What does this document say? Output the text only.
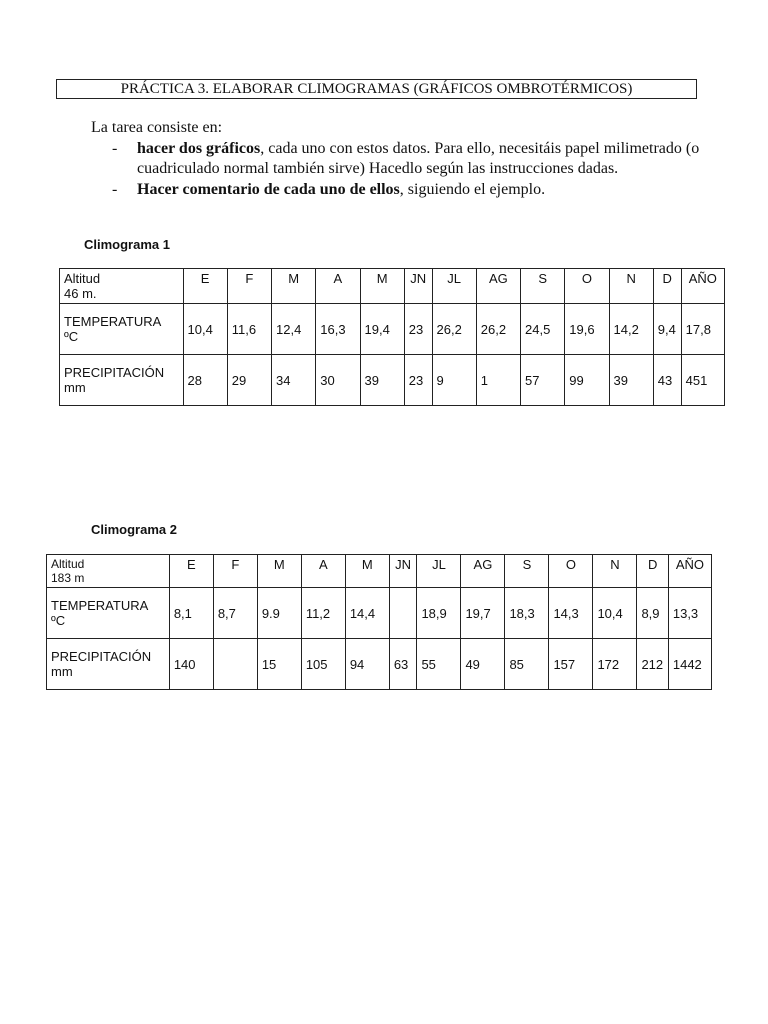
PRÁCTICA 3. ELABORAR CLIMOGRAMAS (GRÁFICOS OMBROTÉRMICOS)
La tarea consiste en:
- hacer dos gráficos, cada uno con estos datos. Para ello, necesitáis papel milimetrado (o cuadriculado normal también sirve) Hacedlo según las instrucciones dadas.
- Hacer comentario de cada uno de ellos, siguiendo el ejemplo.
Climograma 1
Altitud
46 m.	E	F	M	A	M	JN	JL	AG	S	O	N	D	AÑO

TEMPERATURA
ºC	10,4	11,6	12,4	16,3	19,4	23	26,2	26,2	24,5	19,6	14,2	9,4	17,8

PRECIPITACIÓN
mm	28	29	34	30	39	23	9	1	57	99	39	43	451
Climograma 2
Altitud
183 m	E	F	M	A	M	JN	JL	AG	S	O	N	D	AÑO

TEMPERATURA
ºC	8,1	8,7	9.9	11,2	14,4		18,9	19,7	18,3	14,3	10,4	8,9	13,3

PRECIPITACIÓN
mm	140		15	105	94	63	55	49	85	157	172	212	1442
